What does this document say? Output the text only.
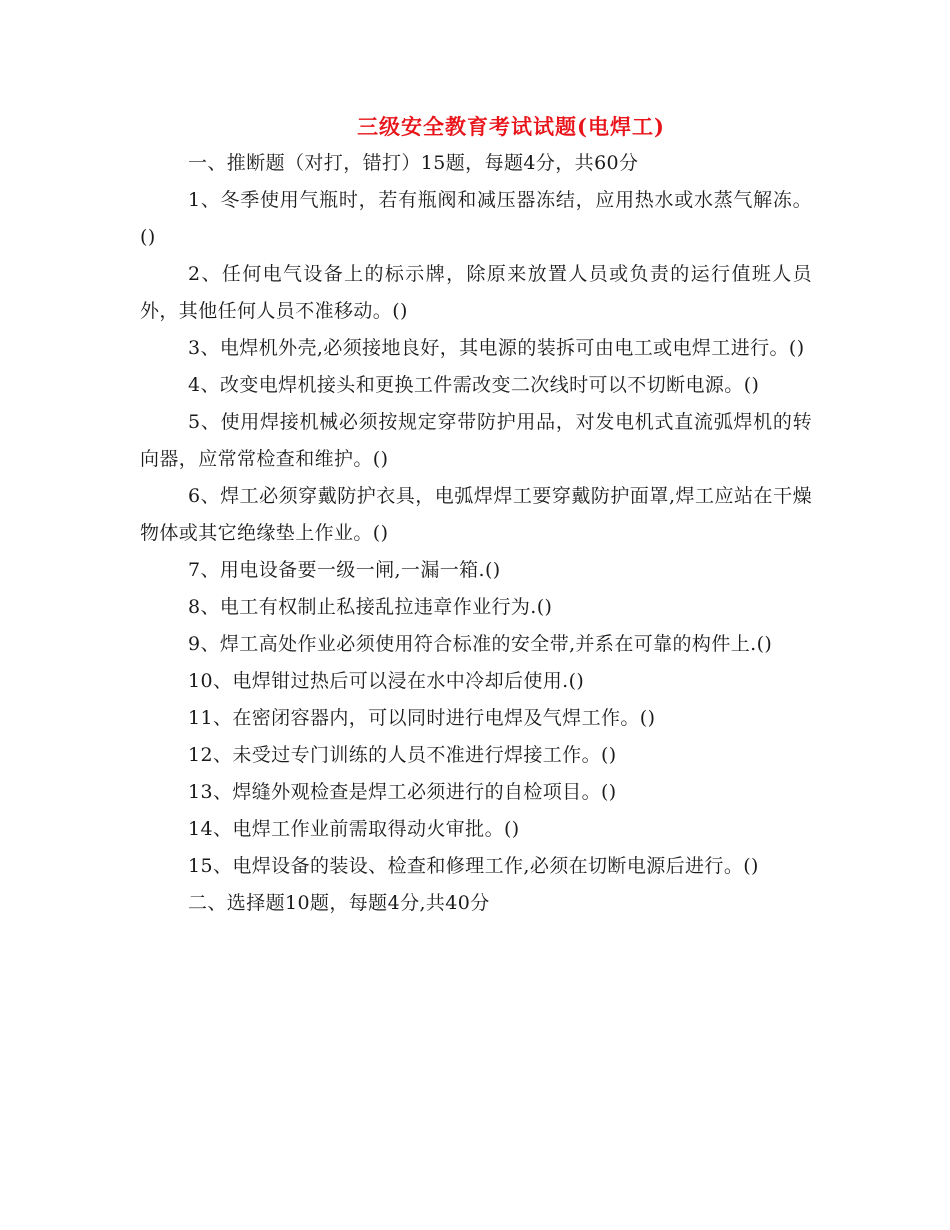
三级安全教育考试试题(电焊工)

一、推断题（对打，错打）15题，每题4分，共60分

1、冬季使用气瓶时，若有瓶阀和减压器冻结，应用热水或水蒸气解冻。()

2、任何电气设备上的标示牌，除原来放置人员或负责的运行值班人员外，其他任何人员不准移动。()

3、电焊机外壳,必须接地良好，其电源的装拆可由电工或电焊工进行。()

4、改变电焊机接头和更换工件需改变二次线时可以不切断电源。()

5、使用焊接机械必须按规定穿带防护用品，对发电机式直流弧焊机的转向器，应常常检查和维护。()

6、焊工必须穿戴防护衣具，电弧焊焊工要穿戴防护面罩,焊工应站在干燥物体或其它绝缘垫上作业。()

7、用电设备要一级一闸,一漏一箱.()

8、电工有权制止私接乱拉违章作业行为.()

9、焊工高处作业必须使用符合标准的安全带,并系在可靠的构件上.()

10、电焊钳过热后可以浸在水中冷却后使用.()

11、在密闭容器内，可以同时进行电焊及气焊工作。()

12、未受过专门训练的人员不准进行焊接工作。()

13、焊缝外观检查是焊工必须进行的自检项目。()

14、电焊工作业前需取得动火审批。()

15、电焊设备的装设、检查和修理工作,必须在切断电源后进行。()

二、选择题10题，每题4分,共40分
